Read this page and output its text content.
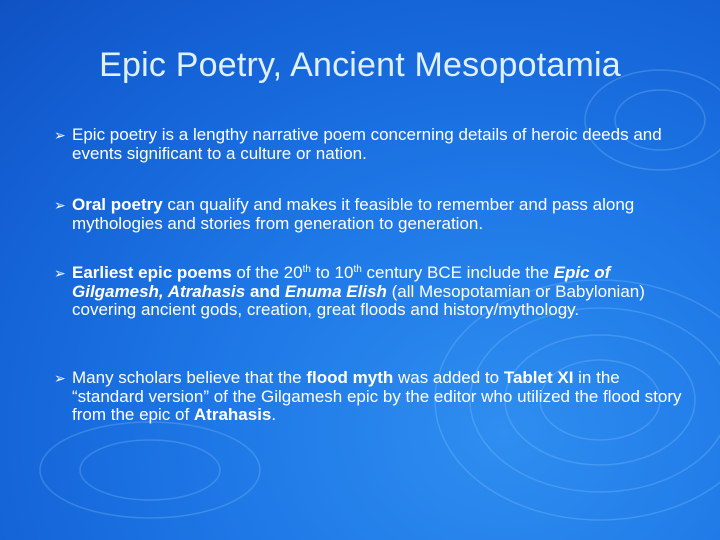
Epic Poetry, Ancient Mesopotamia
➢ Epic poetry is a lengthy narrative poem concerning details of heroic deeds and events significant to a culture or nation.
➢ Oral poetry can qualify and makes it feasible to remember and pass along mythologies and stories from generation to generation.
➢ Earliest epic poems of the 20th to 10th century BCE include the Epic of Gilgamesh, Atrahasis and Enuma Elish (all Mesopotamian or Babylonian) covering ancient gods, creation, great floods and history/mythology.
➢ Many scholars believe that the flood myth was added to Tablet XI in the “standard version” of the Gilgamesh epic by the editor who utilized the flood story from the epic of Atrahasis.
